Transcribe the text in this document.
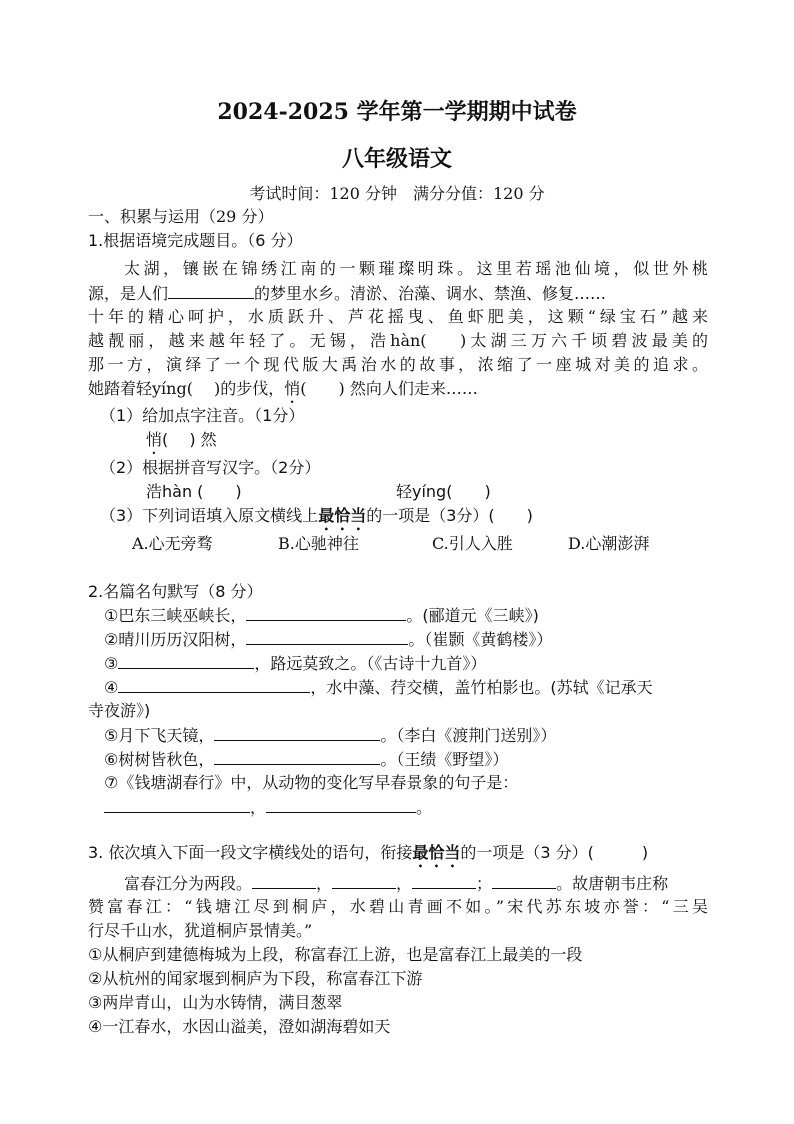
2024-2025 学年第一学期期中试卷
八年级语文
考试时间：120 分钟　满分分值：120 分
一、积累与运用（29 分）
1.根据语境完成题目。（6 分）
太湖，镶嵌在锦绣江南的一颗璀璨明珠。这里若瑶池仙境，似世外桃
源，是人们	的梦里水乡。清淤、治藻、调水、禁渔、修复……
十年的精心呵护，水质跃升、芦花摇曳、鱼虾肥美，这颗“绿宝石”越来
越靓丽，越来越年轻了。无锡，浩hàn(　 )太湖三万六千顷碧波最美的
那一方，演绎了一个现代版大禹治水的故事，浓缩了一座城对美的追求。
她踏着轻yíng(　 )的步伐，悄(　　) 然向人们走来……
（1）给加点字注音。（1分）
悄(　 ) 然
（2）根据拼音写汉字。（2分）
浩hàn (　　)	轻yíng(　　)
（3）下列词语填入原文横线上最恰当的一项是（3分）(　　)
A.心无旁骛	B.心驰神往	C.引人入胜	D.心潮澎湃
2.名篇名句默写（8 分）
①巴东三峡巫峡长，	。(郦道元《三峡》)
②晴川历历汉阳树，	。（崔颢《黄鹤楼》）
③	，路远莫致之。（《古诗十九首》）
④	，水中藻、荇交横，盖竹柏影也。(苏轼《记承天
寺夜游》)
⑤月下飞天镜，	。（李白《渡荆门送别》）
⑥树树皆秋色，	。（王绩《野望》）
⑦《钱塘湖春行》中，从动物的变化写早春景象的句子是：
，	。
3. 依次填入下面一段文字横线处的语句，衔接最恰当的一项是（3 分）(　　　)
富春江分为两段。	，	，	；	。故唐朝韦庄称
赞富春江：“钱塘江尽到桐庐，水碧山青画不如。”宋代苏东坡亦誉：“三吴
行尽千山水，犹道桐庐景情美。”
①从桐庐到建德梅城为上段，称富春江上游，也是富春江上最美的一段
②从杭州的闻家堰到桐庐为下段，称富春江下游
③两岸青山，山为水铸情，满目葱翠
④一江春水，水因山溢美，澄如湖海碧如天
